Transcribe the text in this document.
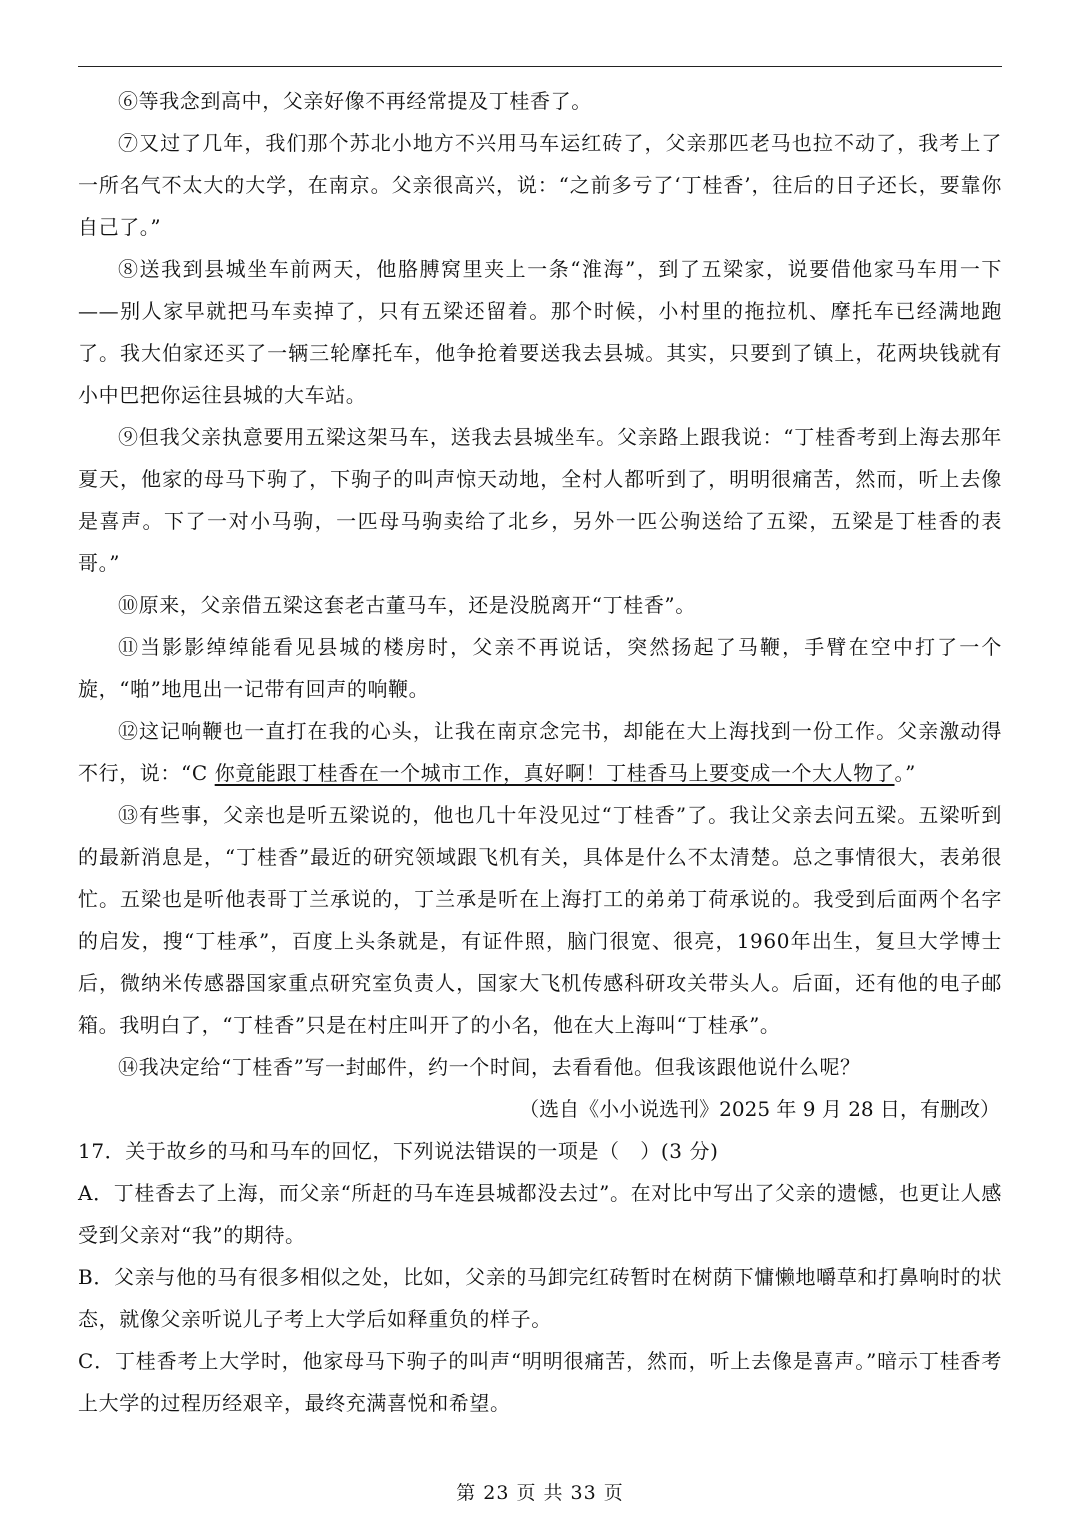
⑥等我念到高中，父亲好像不再经常提及丁桂香了。

⑦又过了几年，我们那个苏北小地方不兴用马车运红砖了，父亲那匹老马也拉不动了，我考上了一所名气不太大的大学，在南京。父亲很高兴，说：“之前多亏了‘丁桂香’，往后的日子还长，要靠你自己了。”

⑧送我到县城坐车前两天，他胳膊窝里夹上一条“淮海”，到了五梁家，说要借他家马车用一下——别人家早就把马车卖掉了，只有五梁还留着。那个时候，小村里的拖拉机、摩托车已经满地跑了。我大伯家还买了一辆三轮摩托车，他争抢着要送我去县城。其实，只要到了镇上，花两块钱就有小中巴把你运往县城的大车站。

⑨但我父亲执意要用五梁这架马车，送我去县城坐车。父亲路上跟我说：“丁桂香考到上海去那年夏天，他家的母马下驹了，下驹子的叫声惊天动地，全村人都听到了，明明很痛苦，然而，听上去像是喜声。下了一对小马驹，一匹母马驹卖给了北乡，另外一匹公驹送给了五梁，五梁是丁桂香的表哥。”

⑩原来，父亲借五梁这套老古董马车，还是没脱离开“丁桂香”。

⑪当影影绰绰能看见县城的楼房时，父亲不再说话，突然扬起了马鞭，手臂在空中打了一个旋，“啪”地甩出一记带有回声的响鞭。

⑫这记响鞭也一直打在我的心头，让我在南京念完书，却能在大上海找到一份工作。父亲激动得不行，说：“C 你竟能跟丁桂香在一个城市工作，真好啊！丁桂香马上要变成一个大人物了。”

⑬有些事，父亲也是听五梁说的，他也几十年没见过“丁桂香”了。我让父亲去问五梁。五梁听到的最新消息是，“丁桂香”最近的研究领域跟飞机有关，具体是什么不太清楚。总之事情很大，表弟很忙。五梁也是听他表哥丁兰承说的，丁兰承是听在上海打工的弟弟丁荷承说的。我受到后面两个名字的启发，搜“丁桂承”，百度上头条就是，有证件照，脑门很宽、很亮，1960年出生，复旦大学博士后，微纳米传感器国家重点研究室负责人，国家大飞机传感科研攻关带头人。后面，还有他的电子邮箱。我明白了，“丁桂香”只是在村庄叫开了的小名，他在大上海叫“丁桂承”。

⑭我决定给“丁桂香”写一封邮件，约一个时间，去看看他。但我该跟他说什么呢？

（选自《小小说选刊》2025 年 9 月 28 日，有删改）

17．关于故乡的马和马车的回忆，下列说法错误的一项是（　）(3 分)

A．丁桂香去了上海，而父亲“所赶的马车连县城都没去过”。在对比中写出了父亲的遗憾，也更让人感受到父亲对“我”的期待。

B．父亲与他的马有很多相似之处，比如，父亲的马卸完红砖暂时在树荫下慵懒地嚼草和打鼻响时的状态，就像父亲听说儿子考上大学后如释重负的样子。

C．丁桂香考上大学时，他家母马下驹子的叫声“明明很痛苦，然而，听上去像是喜声。”暗示丁桂香考上大学的过程历经艰辛，最终充满喜悦和希望。

第 23 页 共 33 页
